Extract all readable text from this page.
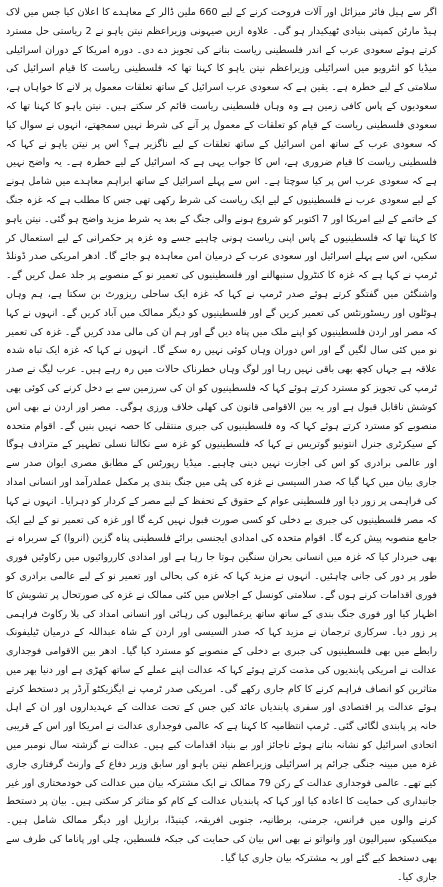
اگر سے ہیل فائر میزائل اور آلات فروخت کرنے کے لیے 660 ملین ڈالر کے معاہدے کا اعلان کیا جس میں لاک ہیڈ مارٹن کمپنی بنیادی ٹھیکیدار ہو گی۔ علاوہ ازیں صیہونی وزیراعظم نیتن یاہو نے 2 ریاستی حل مسترد کرتے ہوئے سعودی عرب کے اندر فلسطینی ریاست بنانے کی تجویز دے دی۔ دورہ امریکا کے دوران اسرائیلی میڈیا کو انٹرویو میں اسرائیلی وزیراعظم نیتن یاہو کا کہنا تھا کہ فلسطینی ریاست کا قیام اسرائیل کی سلامتی کے لیے خطرہ ہے۔ یقین ہے کہ سعودی عرب اسرائیل کے ساتھ تعلقات معمول پر لانے کا خواہاں ہے، سعودیوں کے پاس کافی زمین ہے وہ وہاں فلسطینی ریاست قائم کر سکتے ہیں۔ نیتن یاہو کا کہنا تھا کہ سعودی فلسطینی ریاست کے قیام کو تعلقات کے معمول پر آنے کی شرط نہیں سمجھتے، انہوں نے سوال کیا کہ سعودی عرب کے ساتھ امن اسرائیل کے ساتھ تعلقات کے لیے ناگزیر ہے؟ اس پر نیتن یاہو نے کہا کہ فلسطینی ریاست کا قیام ضروری ہے، اس کا جواب یہی ہے کہ اسرائیل کے لیے خطرہ ہے۔ یہ واضح نہیں ہے کہ سعودی عرب اس پر کیا سوچتا ہے۔ اس سے پہلے اسرائیل کے ساتھ ابراہم معاہدے میں شامل ہونے کے لیے سعودی عرب نے فلسطینیوں کے لیے ایک ریاست کی شرط رکھی تھی جس کا مطلب ہے کہ غزہ جنگ کے خاتمے کے لیے امریکا اور 7 اکتوبر کو شروع ہونے والی جنگ کے بعد یہ شرط مزید واضح ہو گئی۔ نیتن یاہو کا کہنا تھا کہ فلسطینیوں کے پاس اپنی ریاست ہونی چاہیے جسے وہ غزہ پر حکمرانی کے لیے استعمال کر سکیں، اس سے پہلے اسرائیل اور سعودی عرب کے درمیان امن معاہدہ ہو جائے گا۔ ادھر امریکی صدر ڈونلڈ ٹرمپ نے کہا ہے کہ غزہ کا کنٹرول سنبھالنے اور فلسطینیوں کی تعمیر نو کے منصوبے پر جلد عمل کریں گے۔ واشنگٹن میں گفتگو کرتے ہوئے صدر ٹرمپ نے کہا کہ غزہ ایک ساحلی ریزورٹ بن سکتا ہے، ہم وہاں ہوٹلوں اور ریسٹورنٹس کی تعمیر کریں گے اور فلسطینیوں کو دیگر ممالک میں آباد کریں گے۔ انہوں نے کہا کہ مصر اور اردن فلسطینیوں کو اپنے ملک میں پناہ دیں گے اور ہم ان کی مالی مدد کریں گے۔ غزہ کی تعمیر نو میں کئی سال لگیں گے اور اس دوران وہاں کوئی نہیں رہ سکے گا۔ انہوں نے کہا کہ غزہ ایک تباہ شدہ علاقہ ہے جہاں کچھ بھی باقی نہیں رہا اور لوگ وہاں خطرناک حالات میں رہ رہے ہیں۔ عرب لیگ نے صدر ٹرمپ کی تجویز کو مسترد کرتے ہوئے کہا کہ فلسطینیوں کو ان کی سرزمین سے بے دخل کرنے کی کوئی بھی کوشش ناقابل قبول ہے اور یہ بین الاقوامی قانون کی کھلی خلاف ورزی ہوگی۔ مصر اور اردن نے بھی اس منصوبے کو مسترد کرتے ہوئے کہا کہ وہ فلسطینیوں کی جبری منتقلی کا حصہ نہیں بنیں گے۔ اقوام متحدہ کے سیکرٹری جنرل انتونیو گوتریس نے کہا کہ فلسطینیوں کو غزہ سے نکالنا نسلی تطہیر کے مترادف ہوگا اور عالمی برادری کو اس کی اجازت نہیں دینی چاہیے۔ میڈیا رپورٹس کے مطابق مصری ایوان صدر سے جاری بیان میں کہا گیا کہ صدر السیسی نے غزہ کی پٹی میں جنگ بندی پر مکمل عملدرآمد اور انسانی امداد کی فراہمی پر زور دیا اور فلسطینی عوام کے حقوق کے تحفظ کے لیے مصر کے کردار کو دہرایا۔ انہوں نے کہا کہ مصر فلسطینیوں کی جبری بے دخلی کو کسی صورت قبول نہیں کرے گا اور غزہ کی تعمیر نو کے لیے ایک جامع منصوبہ پیش کرے گا۔ اقوام متحدہ کی امدادی ایجنسی برائے فلسطینی پناہ گزین (انروا) کے سربراہ نے بھی خبردار کیا کہ غزہ میں انسانی بحران سنگین ہوتا جا رہا ہے اور امدادی کارروائیوں میں رکاوٹیں فوری طور پر دور کی جانی چاہئیں۔ انہوں نے مزید کہا کہ غزہ کی بحالی اور تعمیر نو کے لیے عالمی برادری کو فوری اقدامات کرنے ہوں گے۔ سلامتی کونسل کے اجلاس میں کئی ممالک نے غزہ کی صورتحال پر تشویش کا اظہار کیا اور فوری جنگ بندی کے ساتھ ساتھ یرغمالیوں کی رہائی اور انسانی امداد کی بلا رکاوٹ فراہمی پر زور دیا۔ سرکاری ترجمان نے مزید کہا کہ صدر السیسی اور اردن کے شاہ عبداللہ کے درمیان ٹیلیفونک رابطے میں بھی فلسطینیوں کی جبری بے دخلی کے منصوبے کو مسترد کیا گیا۔ ادھر بین الاقوامی فوجداری عدالت نے امریکی پابندیوں کی مذمت کرتے ہوئے کہا کہ عدالت اپنے عملے کے ساتھ کھڑی ہے اور دنیا بھر میں متاثرین کو انصاف فراہم کرنے کا کام جاری رکھے گی۔ امریکی صدر ٹرمپ نے ایگزیکٹو آرڈر پر دستخط کرتے ہوئے عدالت پر اقتصادی اور سفری پابندیاں عائد کیں جس کے تحت عدالت کے عہدیداروں اور ان کے اہل خانہ پر پابندی لگائی گئی۔ ٹرمپ انتظامیہ کا کہنا ہے کہ عالمی فوجداری عدالت نے امریکا اور اس کے قریبی اتحادی اسرائیل کو نشانہ بناتے ہوئے ناجائز اور بے بنیاد اقدامات کیے ہیں۔ عدالت نے گزشتہ سال نومبر میں غزہ میں مبینہ جنگی جرائم پر اسرائیلی وزیراعظم نیتن یاہو اور سابق وزیر دفاع کے وارنٹ گرفتاری جاری کیے تھے۔ عالمی فوجداری عدالت کے رکن 79 ممالک نے ایک مشترکہ بیان میں عدالت کی خودمختاری اور غیر جانبداری کی حمایت کا اعادہ کیا اور کہا کہ پابندیاں عدالت کے کام کو متاثر کر سکتی ہیں۔ بیان پر دستخط کرنے والوں میں فرانس، جرمنی، برطانیہ، جنوبی افریقہ، کینیڈا، برازیل اور دیگر ممالک شامل ہیں۔ میکسیکو، سیرالیون اور وانواتو نے بھی اس بیان کی حمایت کی جبکہ فلسطین، چلی اور پاناما کی طرف سے بھی دستخط کیے گئے اور یہ مشترکہ بیان جاری کیا گیا۔

جاری کیا۔
